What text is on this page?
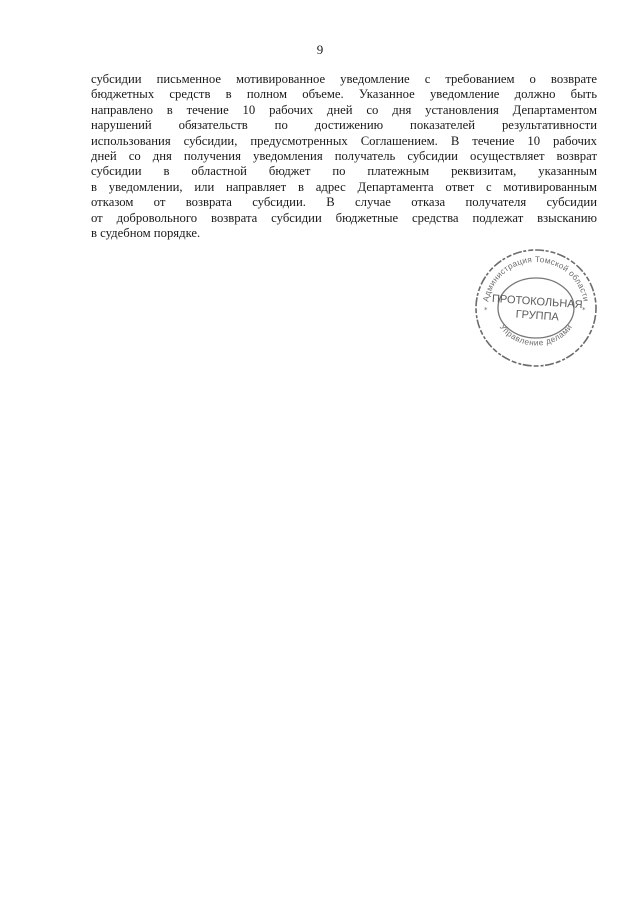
9
субсидии письменное мотивированное уведомление с требованием о возврате
бюджетных средств в полном объеме. Указанное уведомление должно быть
направлено в течение 10 рабочих дней со дня установления Департаментом
нарушений обязательств по достижению показателей результативности
использования субсидии, предусмотренных Соглашением. В течение 10 рабочих
дней со дня получения уведомления получатель субсидии осуществляет возврат
субсидии в областной бюджет по платежным реквизитам, указанным
в уведомлении, или направляет в адрес Департамента ответ с мотивированным
отказом от возврата субсидии. В случае отказа получателя субсидии
от добровольного возврата субсидии бюджетные средства подлежат взысканию
в судебном порядке.
Администрация Томской области
Управление делами
*	*
ПРОТОКОЛЬНАЯ
ГРУППА
